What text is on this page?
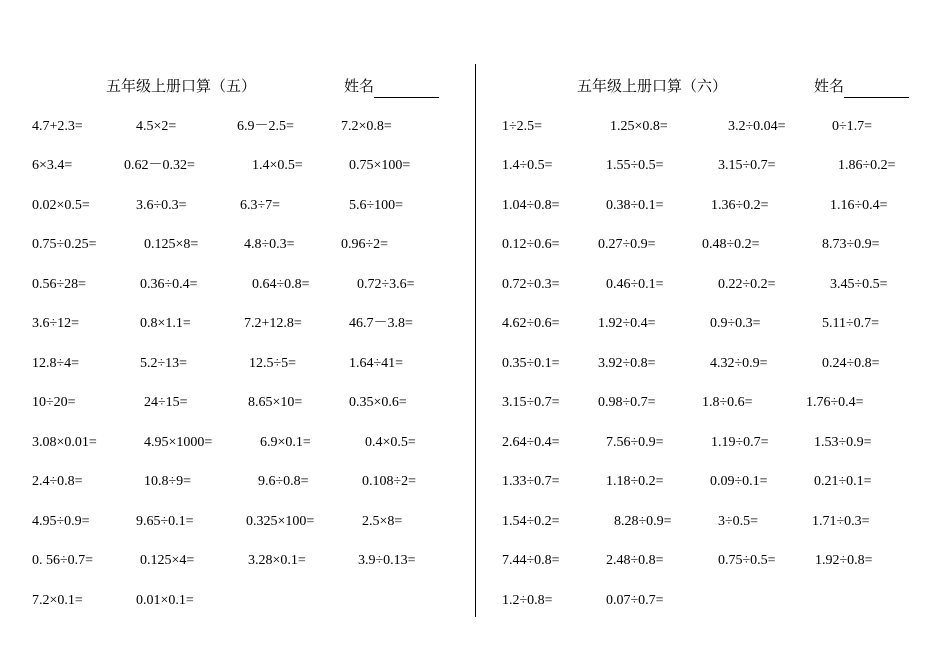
五年级上册口算（五）	姓名	五年级上册口算（六）	姓名
4.7+2.3=	4.5×2=	6.9－2.5=	7.2×0.8=
6×3.4=	0.62－0.32=	1.4×0.5=	0.75×100=
0.02×0.5=	3.6÷0.3=	6.3÷7=	5.6÷100=
0.75÷0.25=	0.125×8=	4.8÷0.3=	0.96÷2=
0.56÷28=	0.36÷0.4=	0.64÷0.8=	0.72÷3.6=
3.6÷12=	0.8×1.1=	7.2+12.8=	46.7－3.8=
12.8÷4=	5.2÷13=	12.5÷5=	1.64÷41=
10÷20=	24÷15=	8.65×10=	0.35×0.6=
3.08×0.01=	4.95×1000=	6.9×0.1=	0.4×0.5=
2.4÷0.8=	10.8÷9=	9.6÷0.8=	0.108÷2=
4.95÷0.9=	9.65÷0.1=	0.325×100=	2.5×8=
0. 56÷0.7=	0.125×4=	3.28×0.1=	3.9÷0.13=
7.2×0.1=	0.01×0.1=
1÷2.5=	1.25×0.8=	3.2÷0.04=	0÷1.7=
1.4÷0.5=	1.55÷0.5=	3.15÷0.7=	1.86÷0.2=
1.04÷0.8=	0.38÷0.1=	1.36÷0.2=	1.16÷0.4=
0.12÷0.6=	0.27÷0.9=	0.48÷0.2=	8.73÷0.9=
0.72÷0.3=	0.46÷0.1=	0.22÷0.2=	3.45÷0.5=
4.62÷0.6=	1.92÷0.4=	0.9÷0.3=	5.11÷0.7=
0.35÷0.1=	3.92÷0.8=	4.32÷0.9=	0.24÷0.8=
3.15÷0.7=	0.98÷0.7=	1.8÷0.6=	1.76÷0.4=
2.64÷0.4=	7.56÷0.9=	1.19÷0.7=	1.53÷0.9=
1.33÷0.7=	1.18÷0.2=	0.09÷0.1=	0.21÷0.1=
1.54÷0.2=	8.28÷0.9=	3÷0.5=	1.71÷0.3=
7.44÷0.8=	2.48÷0.8=	0.75÷0.5=	1.92÷0.8=
1.2÷0.8=	0.07÷0.7=
